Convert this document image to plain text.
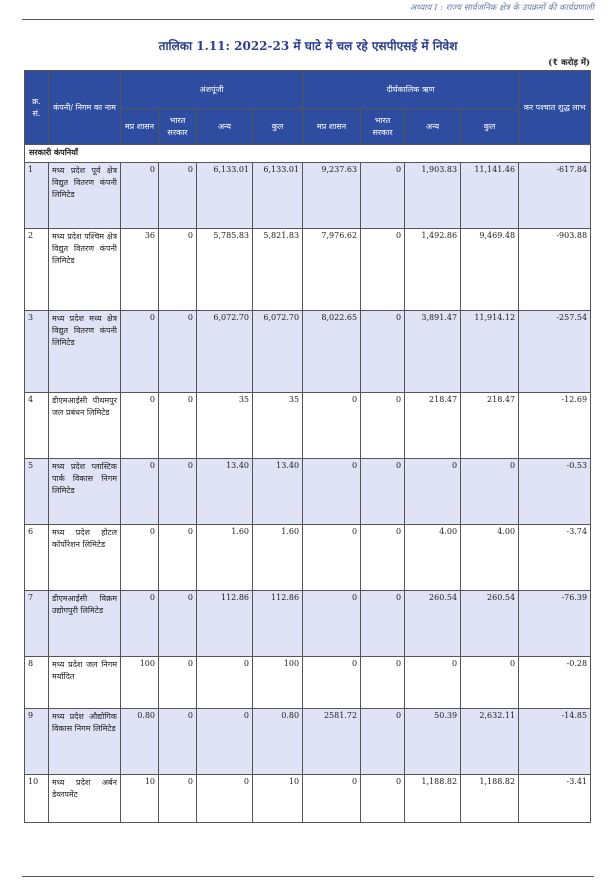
अध्याय I : राज्य सार्वजनिक क्षेत्र के उपक्रमों की कार्यप्रणाली
तालिका 1.11: 2022-23 में घाटे में चल रहे एसपीएसई में निवेश
(₹ करोड़ में)
क्र. सं.	कंपनी/ निगम का नाम	अंशपूंजी				दीर्घकालिक ऋण				कर पश्चात शुद्ध लाभ
		मप्र शासन	भारत सरकार	अन्य	कुल	मप्र शासन	भारत सरकार	अन्य	कुल	
सरकारी कंपनियाँ										
1	मध्य प्रदेश पूर्व क्षेत्र विद्युत वितरण कंपनी लिमिटेड	0	0	6,133.01	6,133.01	9,237.63	0	1,903.83	11,141.46	-617.84
2	मध्य प्रदेश पश्चिम क्षेत्र विद्युत वितरण कंपनी लिमिटेड	36	0	5,785.83	5,821.83	7,976.62	0	1,492.86	9,469.48	-903.88
3	मध्य प्रदेश मध्य क्षेत्र विद्युत वितरण कंपनी लिमिटेड	0	0	6,072.70	6,072.70	8,022.65	0	3,891.47	11,914.12	-257.54
4	डीएमआईसी पीथमपुर जल प्रबंधन लिमिटेड	0	0	35	35	0	0	218.47	218.47	-12.69
5	मध्य प्रदेश प्लास्टिक पार्क विकास निगम लिमिटेड	0	0	13.40	13.40	0	0	0	0	-0.53
6	मध्य प्रदेश होटल कॉर्पोरेशन लिमिटेड	0	0	1.60	1.60	0	0	4.00	4.00	-3.74
7	डीएमआईसी विक्रम उद्योगपुरी लिमिटेड	0	0	112.86	112.86	0	0	260.54	260.54	-76.39
8	मध्य प्रदेश जल निगम मर्यादित	100	0	0	100	0	0	0	0	-0.28
9	मध्य प्रदेश औद्योगिक विकास निगम लिमिटेड	0.80	0	0	0.80	2581.72	0	50.39	2,632.11	-14.85
10	मध्य प्रदेश अर्बन डेव्लपमेंट	10	0	0	10	0	0	1,188.82	1,188.82	-3.41
